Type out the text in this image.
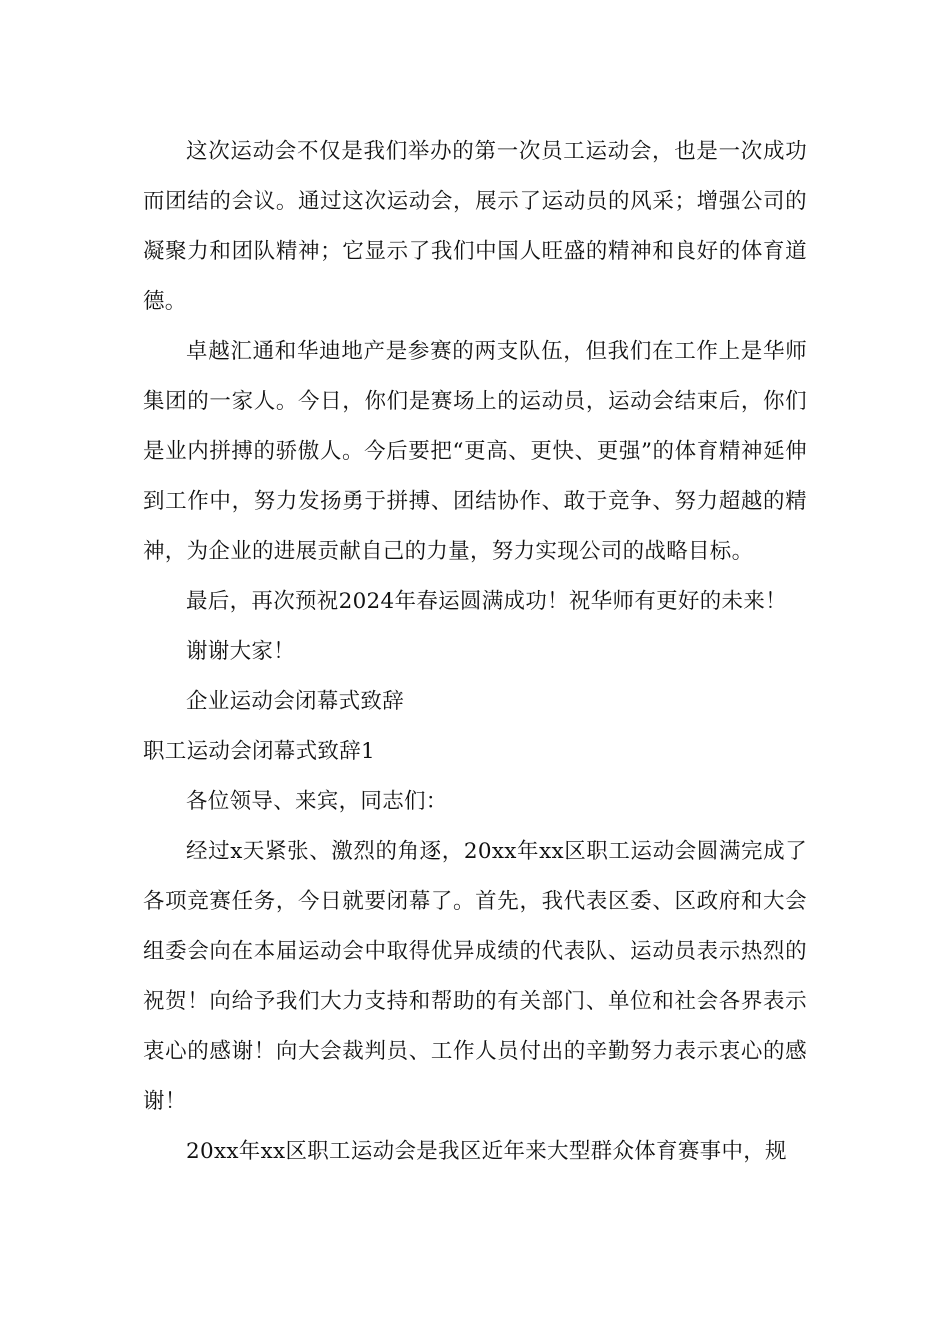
这次运动会不仅是我们举办的第一次员工运动会，也是一次成功而团结的会议。通过这次运动会，展示了运动员的风采；增强公司的凝聚力和团队精神；它显示了我们中国人旺盛的精神和良好的体育道德。

卓越汇通和华迪地产是参赛的两支队伍，但我们在工作上是华师集团的一家人。今日，你们是赛场上的运动员，运动会结束后，你们是业内拼搏的骄傲人。今后要把“更高、更快、更强”的体育精神延伸到工作中，努力发扬勇于拼搏、团结协作、敢于竞争、努力超越的精神，为企业的进展贡献自己的力量，努力实现公司的战略目标。

最后，再次预祝2024年春运圆满成功！祝华师有更好的未来！

谢谢大家！

企业运动会闭幕式致辞

职工运动会闭幕式致辞1

各位领导、来宾，同志们：

经过x天紧张、激烈的角逐，20xx年xx区职工运动会圆满完成了各项竞赛任务，今日就要闭幕了。首先，我代表区委、区政府和大会组委会向在本届运动会中取得优异成绩的代表队、运动员表示热烈的祝贺！向给予我们大力支持和帮助的有关部门、单位和社会各界表示衷心的感谢！向大会裁判员、工作人员付出的辛勤努力表示衷心的感谢！

20xx年xx区职工运动会是我区近年来大型群众体育赛事中，规
